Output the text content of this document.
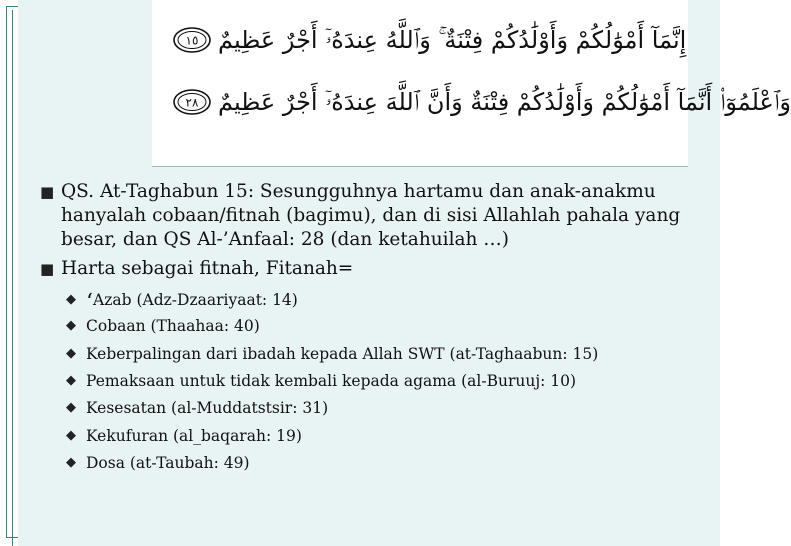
إِنَّمَآ أَمْوَٰلُكُمْ وَأَوْلَٰدُكُمْ فِتْنَةٌ ۚ وَٱللَّهُ عِندَهُۥٓ أَجْرٌ عَظِيمٌ
١٥
وَٱعْلَمُوٓا۟ أَنَّمَآ أَمْوَٰلُكُمْ وَأَوْلَٰدُكُمْ فِتْنَةٌ وَأَنَّ ٱللَّهَ عِندَهُۥٓ أَجْرٌ عَظِيمٌ
٢٨
■ QS. At-Taghabun 15: Sesungguhnya hartamu dan anak-anakmu hanyalah cobaan/fitnah (bagimu), dan di sisi Allahlah pahala yang besar, dan QS Al-’Anfaal: 28 (dan ketahuilah …)
■ Harta sebagai fitnah, Fitanah=
◆ ‘Azab (Adz-Dzaariyaat: 14)
◆ Cobaan (Thaahaa: 40)
◆ Keberpalingan dari ibadah kepada Allah SWT (at-Taghaabun: 15)
◆ Pemaksaan untuk tidak kembali kepada agama (al-Buruuj: 10)
◆ Kesesatan (al-Muddatstsir: 31)
◆ Kekufuran (al_baqarah: 19)
◆ Dosa (at-Taubah: 49)
